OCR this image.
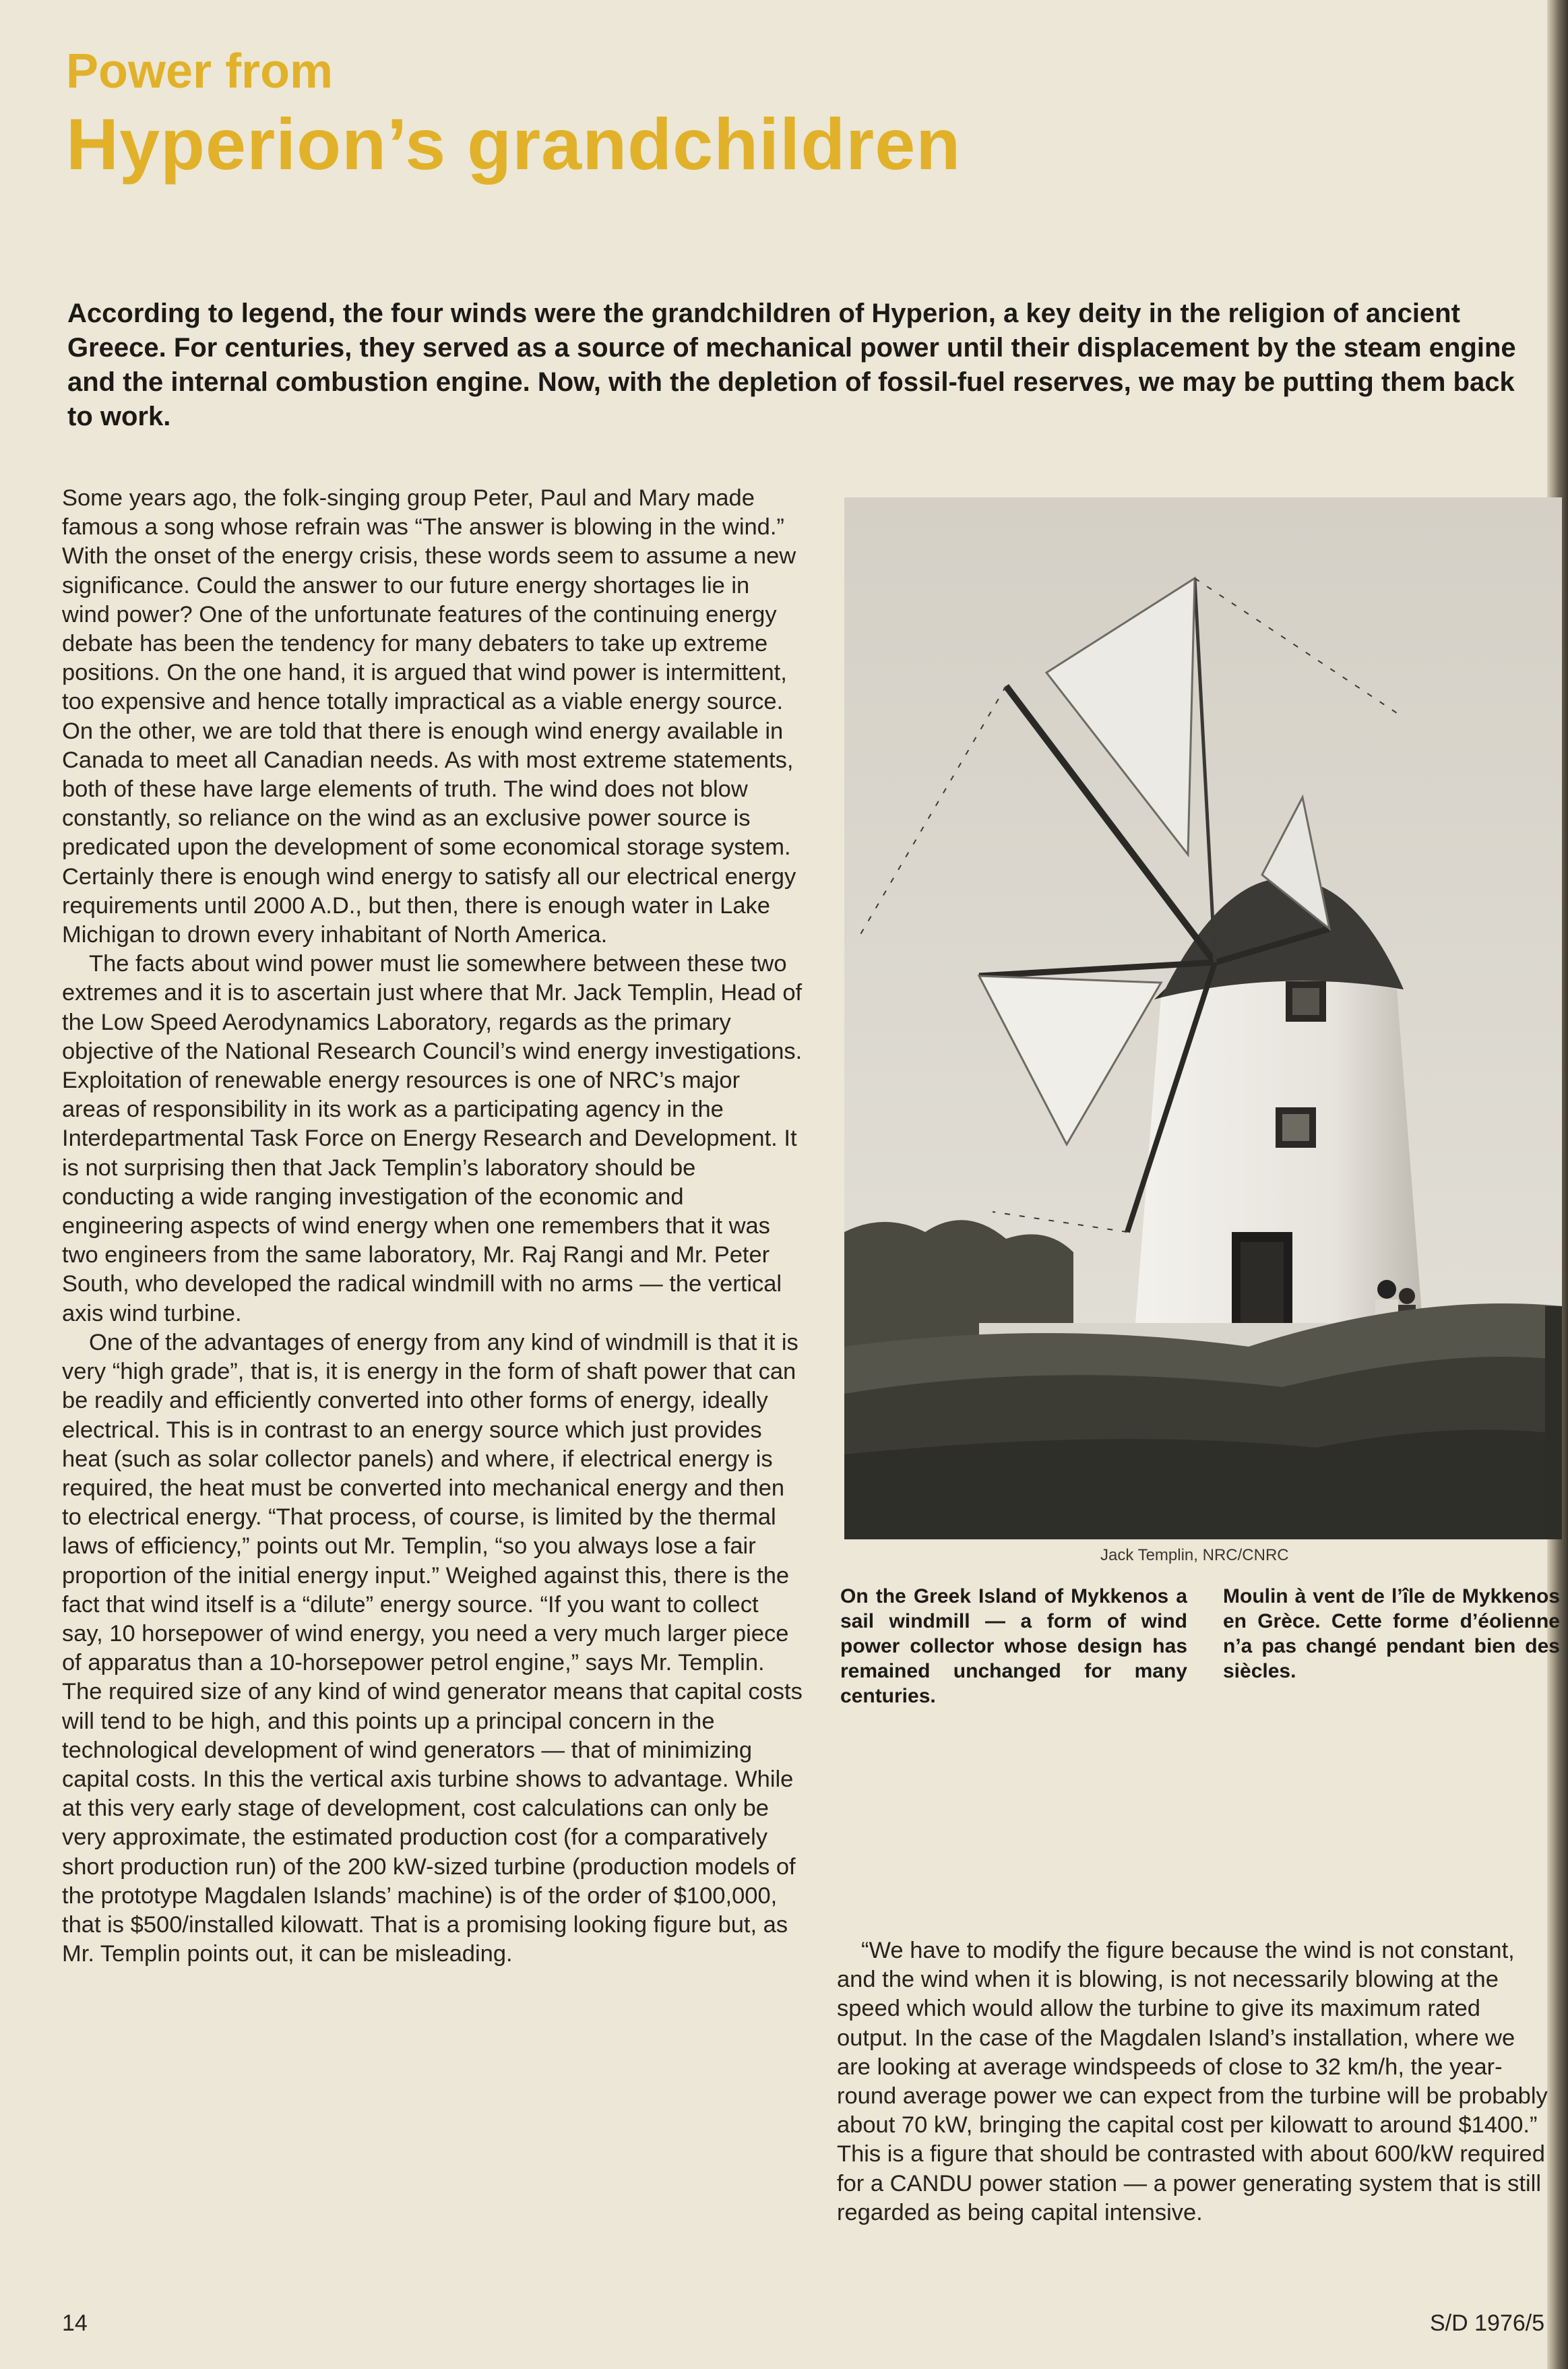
Power from
Hyperion’s grandchildren

According to legend, the four winds were the grandchildren of Hyperion, a key deity in the religion of ancient Greece. For centuries, they served as a source of mechanical power until their displacement by the steam engine and the internal combustion engine. Now, with the depletion of fossil-fuel reserves, we may be putting them back to work.

Some years ago, the folk-singing group Peter, Paul and Mary made famous a song whose refrain was “The answer is blowing in the wind.” With the onset of the energy crisis, these words seem to assume a new significance. Could the answer to our future energy shortages lie in wind power? One of the unfortunate features of the continuing energy debate has been the tendency for many debaters to take up extreme positions. On the one hand, it is argued that wind power is intermittent, too expensive and hence totally impractical as a viable energy source. On the other, we are told that there is enough wind energy available in Canada to meet all Canadian needs. As with most extreme statements, both of these have large elements of truth. The wind does not blow constantly, so reliance on the wind as an exclusive power source is predicated upon the development of some economical storage system. Certainly there is enough wind energy to satisfy all our electrical energy requirements until 2000 A.D., but then, there is enough water in Lake Michigan to drown every inhabitant of North America.

The facts about wind power must lie somewhere between these two extremes and it is to ascertain just where that Mr. Jack Templin, Head of the Low Speed Aerodynamics Laboratory, regards as the primary objective of the National Research Council’s wind energy investigations. Exploitation of renewable energy resources is one of NRC’s major areas of responsibility in its work as a participating agency in the Interdepartmental Task Force on Energy Research and Development. It is not surprising then that Jack Templin’s laboratory should be conducting a wide ranging investigation of the economic and engineering aspects of wind energy when one remembers that it was two engineers from the same laboratory, Mr. Raj Rangi and Mr. Peter South, who developed the radical windmill with no arms — the vertical axis wind turbine.

One of the advantages of energy from any kind of windmill is that it is very “high grade”, that is, it is energy in the form of shaft power that can be readily and efficiently converted into other forms of energy, ideally electrical. This is in contrast to an energy source which just provides heat (such as solar collector panels) and where, if electrical energy is required, the heat must be converted into mechanical energy and then to electrical energy. “That process, of course, is limited by the thermal laws of efficiency,” points out Mr. Templin, “so you always lose a fair proportion of the initial energy input.” Weighed against this, there is the fact that wind itself is a “dilute” energy source. “If you want to collect say, 10 horsepower of wind energy, you need a very much larger piece of apparatus than a 10-horsepower petrol engine,” says Mr. Templin. The required size of any kind of wind generator means that capital costs will tend to be high, and this points up a principal concern in the technological development of wind generators — that of minimizing capital costs. In this the vertical axis turbine shows to advantage. While at this very early stage of development, cost calculations can only be very approximate, the estimated production cost (for a comparatively short production run) of the 200 kW-sized turbine (production models of the prototype Magdalen Islands’ machine) is of the order of $100,000, that is $500/installed kilowatt. That is a promising looking figure but, as Mr. Templin points out, it can be misleading.

Jack Templin, NRC/CNRC
On the Greek Island of Mykkenos a sail windmill — a form of wind power collector whose design has remained unchanged for many centuries.
Moulin à vent de l’île de Mykkenos en Grèce. Cette forme d’éolienne n’a pas changé pendant bien des siècles.

“We have to modify the figure because the wind is not constant, and the wind when it is blowing, is not necessarily blowing at the speed which would allow the turbine to give its maximum rated output. In the case of the Magdalen Island’s installation, where we are looking at average windspeeds of close to 32 km/h, the year-round average power we can expect from the turbine will be probably about 70 kW, bringing the capital cost per kilowatt to around $1400.” This is a figure that should be contrasted with about 600/kW required for a CANDU power station — a power generating system that is still regarded as being capital intensive.

14	S/D 1976/5
